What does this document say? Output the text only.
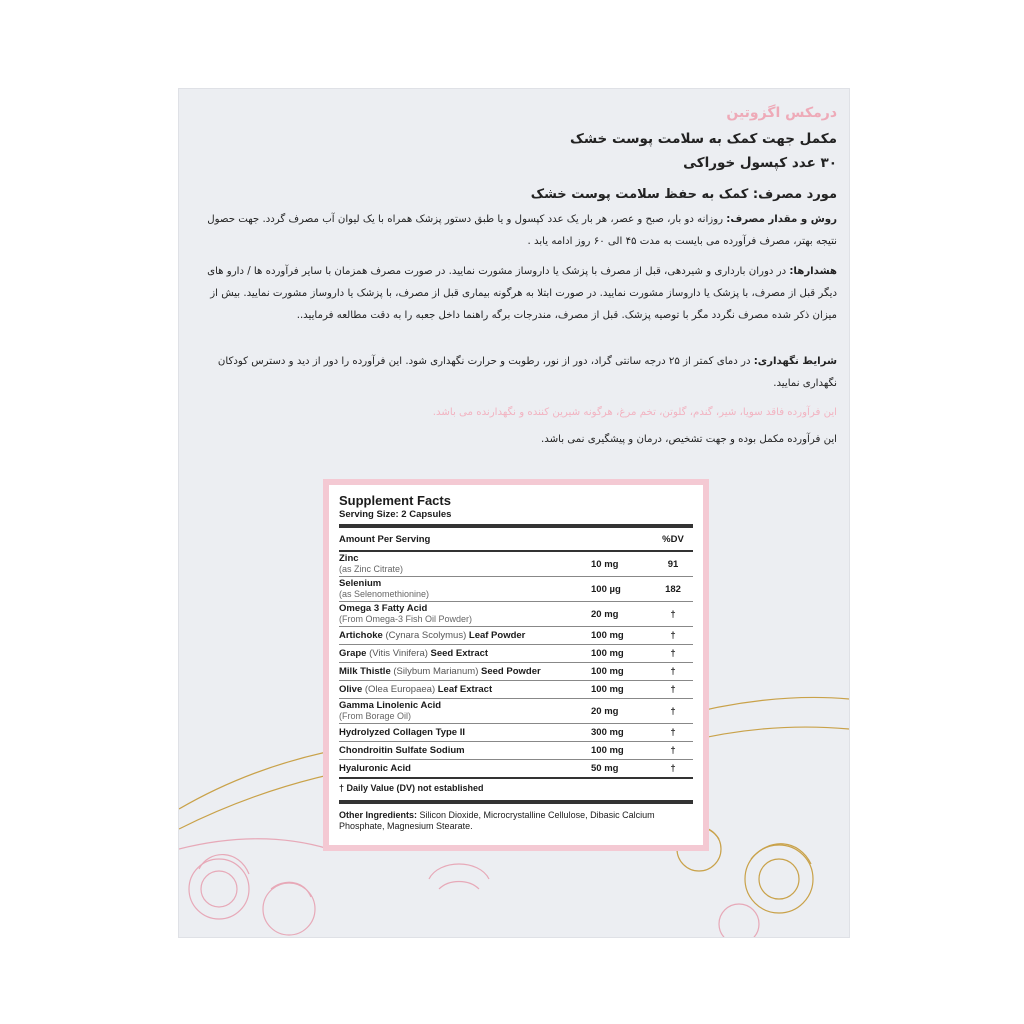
درمکس اگزوتین
مکمل جهت کمک به سلامت پوست خشک
۳۰ عدد کپسول خوراکی
مورد مصرف: کمک به حفظ سلامت پوست خشک
روش و مقدار مصرف: روزانه دو بار، صبح و عصر، هر بار یک عدد کپسول و یا طبق دستور پزشک همراه با یک لیوان آب مصرف گردد. جهت حصول نتیجه بهتر، مصرف فرآورده می بایست به مدت ۴۵ الی ۶۰ روز ادامه یابد .
هشدارها: در دوران بارداری و شیردهی، قبل از مصرف با پزشک یا داروساز مشورت نمایید. در صورت مصرف همزمان با سایر فرآورده ها / دارو های دیگر قبل از مصرف، با پزشک یا داروساز مشورت نمایید. در صورت ابتلا به هرگونه بیماری قبل از مصرف، با پزشک یا داروساز مشورت نمایید. بیش از میزان ذکر شده مصرف نگردد مگر با توصیه پزشک. قبل از مصرف، مندرجات برگه راهنما داخل جعبه را به دقت مطالعه فرمایید..
شرایط نگهداری: در دمای کمتر از ۲۵ درجه سانتی گراد، دور از نور، رطوبت و حرارت نگهداری شود. این فرآورده را دور از دید و دسترس کودکان نگهداری نمایید.
این فرآورده فاقد سویا، شیر، گندم، گلوتن، تخم مرغ، هرگونه شیرین کننده و نگهدارنده می باشد.
این فرآورده مکمل بوده و جهت تشخیص، درمان و پیشگیری نمی باشد.
Supplement Facts
Serving Size: 2 Capsules
Amount Per Serving	%DV
Zinc
(as Zinc Citrate)	10 mg	91
Selenium
(as Selenomethionine)	100 µg	182
Omega 3 Fatty Acid
(From Omega-3 Fish Oil Powder)	20 mg	†
Artichoke (Cynara Scolymus) Leaf Powder	100 mg	†
Grape (Vitis Vinifera) Seed Extract	100 mg	†
Milk Thistle (Silybum Marianum) Seed Powder	100 mg	†
Olive (Olea Europaea) Leaf Extract	100 mg	†
Gamma Linolenic Acid
(From Borage Oil)	20 mg	†
Hydrolyzed Collagen Type II	300 mg	†
Chondroitin Sulfate Sodium	100 mg	†
Hyaluronic Acid	50 mg	†
† Daily Value (DV) not established
Other Ingredients: Silicon Dioxide, Microcrystalline Cellulose, Dibasic Calcium Phosphate, Magnesium Stearate.
